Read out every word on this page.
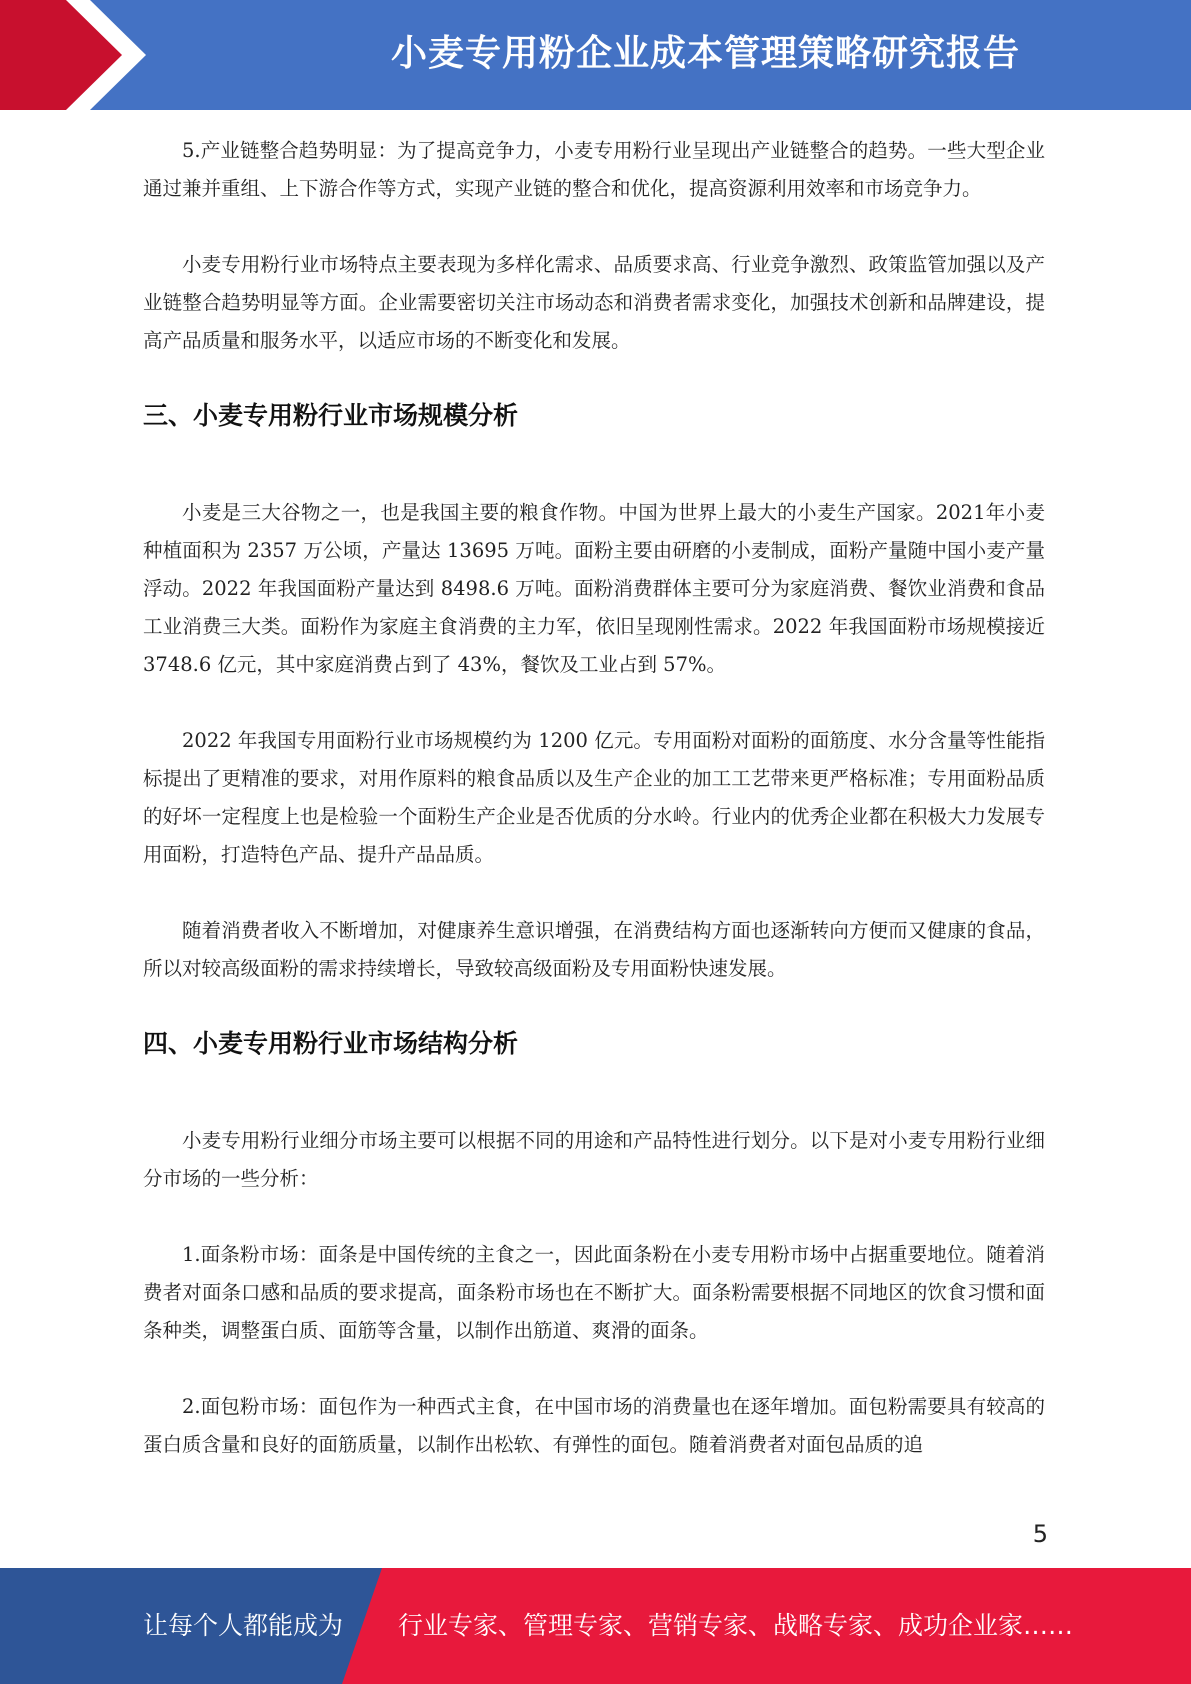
小麦专用粉企业成本管理策略研究报告

5.产业链整合趋势明显：为了提高竞争力，小麦专用粉行业呈现出产业链整合的趋势。一些大型企业通过兼并重组、上下游合作等方式，实现产业链的整合和优化，提高资源利用效率和市场竞争力。

小麦专用粉行业市场特点主要表现为多样化需求、品质要求高、行业竞争激烈、政策监管加强以及产业链整合趋势明显等方面。企业需要密切关注市场动态和消费者需求变化，加强技术创新和品牌建设，提高产品质量和服务水平，以适应市场的不断变化和发展。

三、小麦专用粉行业市场规模分析

小麦是三大谷物之一，也是我国主要的粮食作物。中国为世界上最大的小麦生产国家。2021年小麦种植面积为 2357 万公顷，产量达 13695 万吨。面粉主要由研磨的小麦制成，面粉产量随中国小麦产量浮动。2022 年我国面粉产量达到 8498.6 万吨。面粉消费群体主要可分为家庭消费、餐饮业消费和食品工业消费三大类。面粉作为家庭主食消费的主力军，依旧呈现刚性需求。2022 年我国面粉市场规模接近 3748.6 亿元，其中家庭消费占到了 43%，餐饮及工业占到 57%。

2022 年我国专用面粉行业市场规模约为 1200 亿元。专用面粉对面粉的面筋度、水分含量等性能指标提出了更精准的要求，对用作原料的粮食品质以及生产企业的加工工艺带来更严格标准；专用面粉品质的好坏一定程度上也是检验一个面粉生产企业是否优质的分水岭。行业内的优秀企业都在积极大力发展专用面粉，打造特色产品、提升产品品质。

随着消费者收入不断增加，对健康养生意识增强，在消费结构方面也逐渐转向方便而又健康的食品，所以对较高级面粉的需求持续增长，导致较高级面粉及专用面粉快速发展。

四、小麦专用粉行业市场结构分析

小麦专用粉行业细分市场主要可以根据不同的用途和产品特性进行划分。以下是对小麦专用粉行业细分市场的一些分析：

1.面条粉市场：面条是中国传统的主食之一，因此面条粉在小麦专用粉市场中占据重要地位。随着消费者对面条口感和品质的要求提高，面条粉市场也在不断扩大。面条粉需要根据不同地区的饮食习惯和面条种类，调整蛋白质、面筋等含量，以制作出筋道、爽滑的面条。

2.面包粉市场：面包作为一种西式主食，在中国市场的消费量也在逐年增加。面包粉需要具有较高的蛋白质含量和良好的面筋质量，以制作出松软、有弹性的面包。随着消费者对面包品质的追

5
让每个人都能成为 行业专家、管理专家、营销专家、战略专家、成功企业家……
